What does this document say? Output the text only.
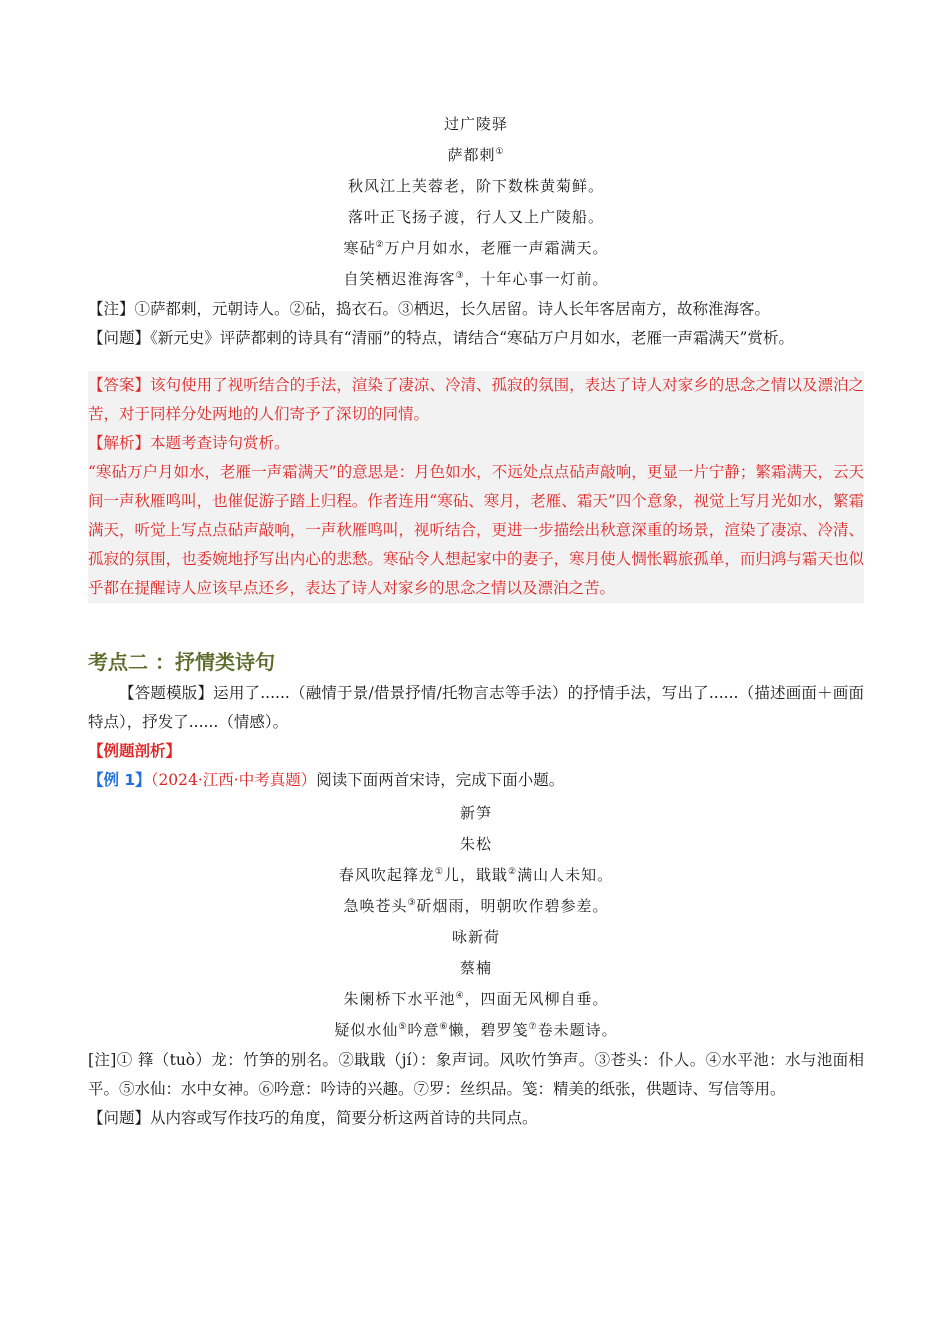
过广陵驿
萨都剌①
秋风江上芙蓉老，阶下数株黄菊鲜。
落叶正飞扬子渡，行人又上广陵船。
寒砧②万户月如水，老雁一声霜满天。
自笑栖迟淮海客③，十年心事一灯前。
【注】①萨都剌，元朝诗人。②砧，捣衣石。③栖迟，长久居留。诗人长年客居南方，故称淮海客。
【问题】《新元史》评萨都剌的诗具有“清丽”的特点，请结合“寒砧万户月如水，老雁一声霜满天”赏析。
【答案】该句使用了视听结合的手法，渲染了凄凉、冷清、孤寂的氛围，表达了诗人对家乡的思念之情以及漂泊之苦，对于同样分处两地的人们寄予了深切的同情。
【解析】本题考查诗句赏析。
“寒砧万户月如水，老雁一声霜满天”的意思是：月色如水，不远处点点砧声敲响，更显一片宁静；繁霜满天，云天间一声秋雁鸣叫，也催促游子踏上归程。作者连用“寒砧、寒月，老雁、霜天”四个意象，视觉上写月光如水，繁霜满天，听觉上写点点砧声敲响，一声秋雁鸣叫，视听结合，更进一步描绘出秋意深重的场景，渲染了凄凉、冷清、孤寂的氛围，也委婉地抒写出内心的悲愁。寒砧令人想起家中的妻子，寒月使人惆怅羁旅孤单，而归鸿与霜天也似乎都在提醒诗人应该早点还乡，表达了诗人对家乡的思念之情以及漂泊之苦。
考点二 ：抒情类诗句
【答题模版】运用了......（融情于景/借景抒情/托物言志等手法）的抒情手法，写出了......（描述画面＋画面特点），抒发了......（情感）。
【例题剖析】
【例 1】（2024·江西·中考真题）阅读下面两首宋诗，完成下面小题。
新笋
朱松
春风吹起箨龙①儿，戢戢②满山人未知。
急唤苍头③斫烟雨，明朝吹作碧参差。
咏新荷
蔡楠
朱阑桥下水平池④，四面无风柳自垂。
疑似水仙⑤吟意⑥懒，碧罗笺⑦卷未题诗。
[注]① 箨（tuò）龙：竹笋的别名。②戢戢（jí）：象声词。风吹竹笋声。③苍头：仆人。④水平池：水与池面相平。⑤水仙：水中女神。⑥吟意：吟诗的兴趣。⑦罗：丝织品。笺：精美的纸张，供题诗、写信等用。
【问题】从内容或写作技巧的角度，简要分析这两首诗的共同点。
